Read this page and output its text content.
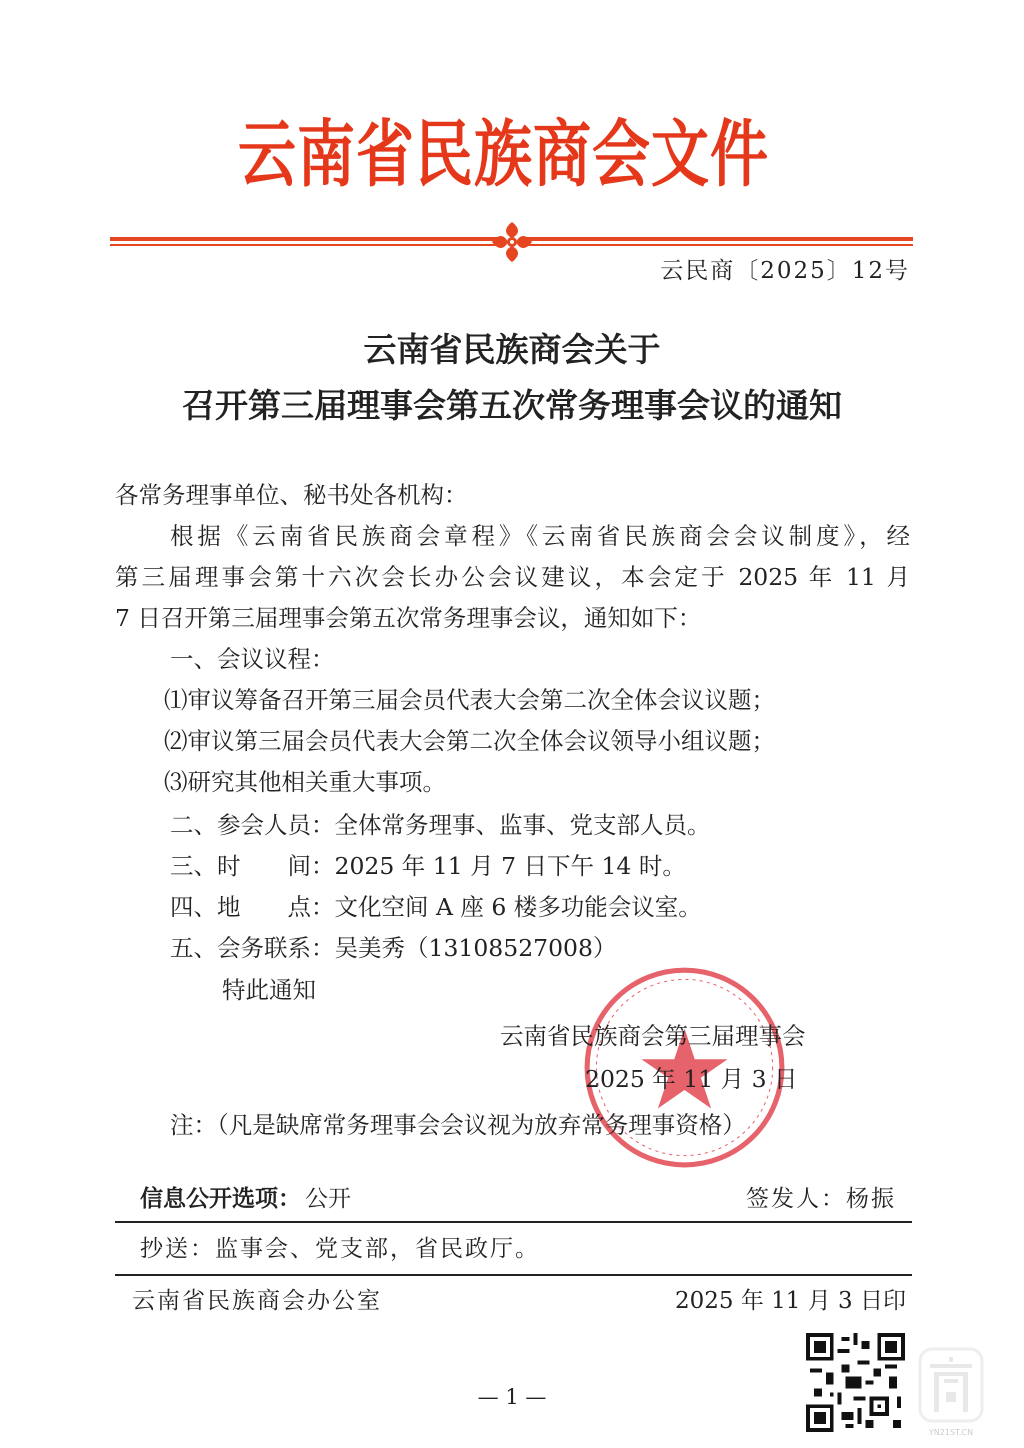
云南省民族商会文件
云民商〔2025〕12号
云南省民族商会关于
召开第三届理事会第五次常务理事会议的通知
各常务理事单位、秘书处各机构：
根据《云南省民族商会章程》《云南省民族商会会议制度》，经
第三届理事会第十六次会长办公会议建议，本会定于 2025 年 11 月
7 日召开第三届理事会第五次常务理事会议，通知如下：
一、会议议程：
⑴审议筹备召开第三届会员代表大会第二次全体会议议题；
⑵审议第三届会员代表大会第二次全体会议领导小组议题；
⑶研究其他相关重大事项。
二、参会人员：全体常务理事、监事、党支部人员。
三、时　　间：2025 年 11 月 7 日下午 14 时。
四、地　　点：文化空间 A 座 6 楼多功能会议室。
五、会务联系：吴美秀（13108527008）
特此通知
云南省民族商会第三届理事会
2025 年 11 月 3 日
注：（凡是缺席常务理事会会议视为放弃常务理事资格）
信息公开选项： 公开	签发人：杨振
抄送：监事会、党支部，省民政厅。
云南省民族商会办公室	2025 年 11 月 3 日印
YN21ST.CN
— 1 —
